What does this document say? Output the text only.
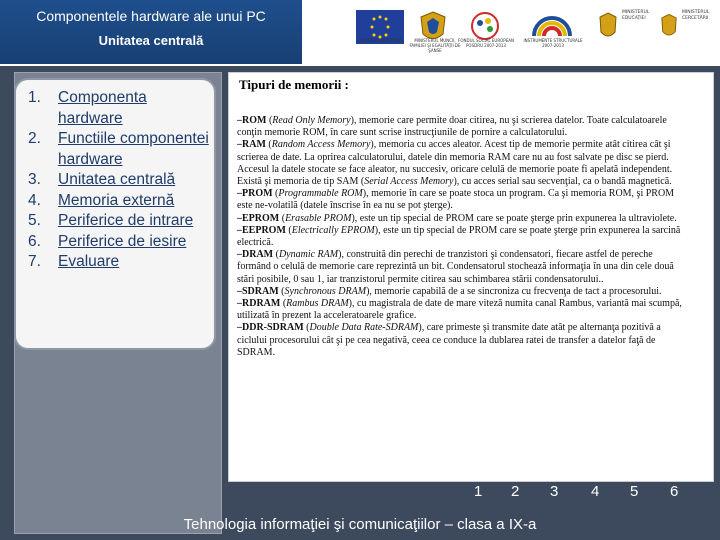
Componentele hardware ale unui PC
Unitatea centrală	UNIUNEA EUROPEANĂ	MINISTERUL MUNCII, FAMILIEI ŞI EGALITĂŢII DE ŞANSE
FONDUL SOCIAL EUROPEAN POSDRU 2007-2013
INSTRUMENTE STRUCTURALE 2007-2013
MINISTERUL EDUCAŢIEI
MINISTERUL CERCETĂRII
1.	Componenta hardware
2.	Functiile componentei hardware
3.	Unitatea centrală
4.	Memoria externă
5.	Periferice de intrare
6.	Periferice de iesire
7.	Evaluare
Tipuri de memorii :

–ROM (Read Only Memory), memorie care permite doar citirea, nu şi scrierea datelor. Toate calculatoarele conţin memorie ROM, în care sunt scrise instrucţiunile de pornire a calculatorului.

–RAM (Random Access Memory), memoria cu acces aleator. Acest tip de memorie permite atât citirea cât şi scrierea de date. La oprirea calculatorului, datele din memoria RAM care nu au fost salvate pe disc se pierd. Accesul la datele stocate se face aleator, nu succesiv, oricare celulă de memorie poate fi apelată independent. Există şi memoria de tip SAM (Serial Access Memory), cu acces serial sau secvenţial, ca o bandă magnetică.

–PROM (Programmable ROM), memorie în care se poate stoca un program. Ca şi memoria ROM, şi PROM este ne-volatilă (datele înscrise în ea nu se pot şterge).

–EPROM (Erasable PROM), este un tip special de PROM care se poate şterge prin expunerea la ultraviolete.

–EEPROM (Electrically EPROM), este un tip special de PROM care se poate şterge prin expunerea la sarcină electrică.

–DRAM (Dynamic RAM), construită din perechi de tranzistori şi condensatori, fiecare astfel de pereche formând o celulă de memorie care reprezintă un bit. Condensatorul stochează informaţia în una din cele două stări posibile, 0 sau 1, iar tranzistorul permite citirea sau schimbarea stării condensatorului..

–SDRAM (Synchronous DRAM), memorie capabilă de a se sincroniza cu frecvenţa de tact a procesorului.

–RDRAM (Rambus DRAM), cu magistrala de date de mare viteză numita canal Rambus, variantă mai scumpă, utilizată în prezent la acceleratoarele grafice.

–DDR-SDRAM (Double Data Rate-SDRAM), care primeste şi transmite date atât pe alternanţa pozitivă a ciclului procesorului cât şi pe cea negativă, ceea ce conduce la dublarea ratei de transfer a datelor faţă de SDRAM.

1 2 3 4 5 6
Tehnologia informaţiei şi comunicaţiilor – clasa a IX-a
